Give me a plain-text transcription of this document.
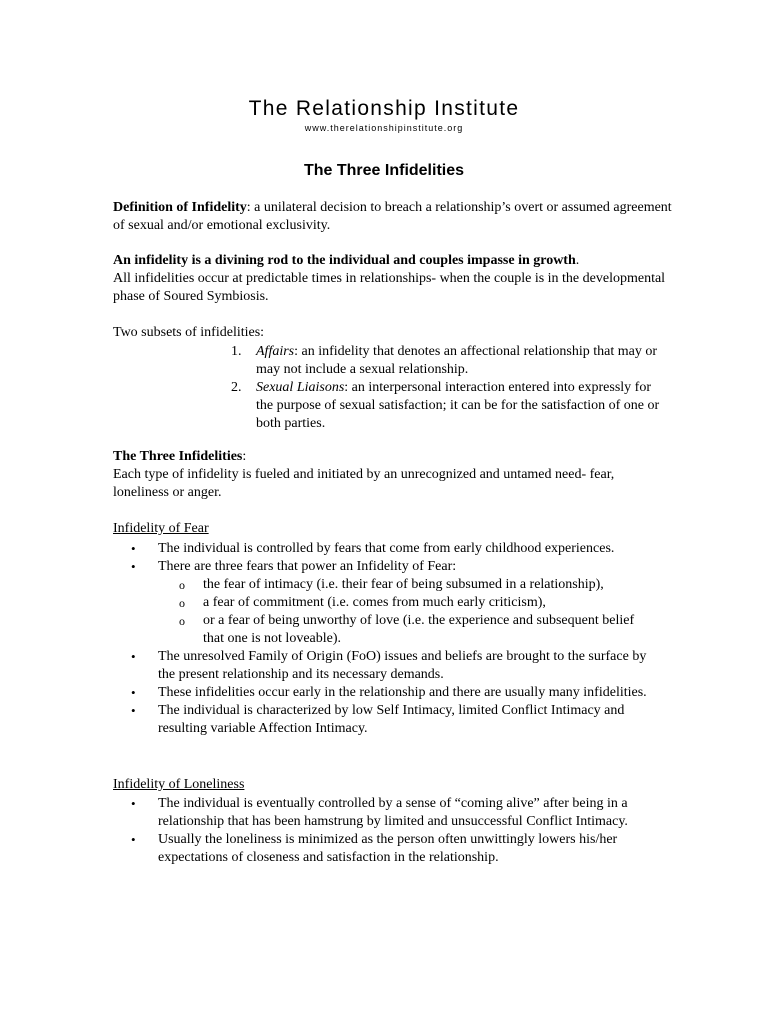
The Relationship Institute
www.therelationshipinstitute.org
The Three Infidelities

Definition of Infidelity: a unilateral decision to breach a relationship’s overt or assumed agreement of sexual and/or emotional exclusivity.

An infidelity is a divining rod to the individual and couples impasse in growth.
All infidelities occur at predictable times in relationships- when the couple is in the developmental phase of Soured Symbiosis.

Two subsets of infidelities:

1. Affairs: an infidelity that denotes an affectional relationship that may or may not include a sexual relationship.
2. Sexual Liaisons: an interpersonal interaction entered into expressly for the purpose of sexual satisfaction; it can be for the satisfaction of one or both parties.

The Three Infidelities:
Each type of infidelity is fueled and initiated by an unrecognized and untamed need- fear, loneliness or anger.

Infidelity of Fear

• The individual is controlled by fears that come from early childhood experiences.
• There are three fears that power an Infidelity of Fear:
o the fear of intimacy (i.e. their fear of being subsumed in a relationship),
o a fear of commitment (i.e. comes from much early criticism),
o or a fear of being unworthy of love (i.e. the experience and subsequent belief that one is not loveable).
• The unresolved Family of Origin (FoO) issues and beliefs are brought to the surface by the present relationship and its necessary demands.
• These infidelities occur early in the relationship and there are usually many infidelities.
• The individual is characterized by low Self Intimacy, limited Conflict Intimacy and resulting variable Affection Intimacy.

Infidelity of Loneliness

• The individual is eventually controlled by a sense of “coming alive” after being in a relationship that has been hamstrung by limited and unsuccessful Conflict Intimacy.
• Usually the loneliness is minimized as the person often unwittingly lowers his/her expectations of closeness and satisfaction in the relationship.
